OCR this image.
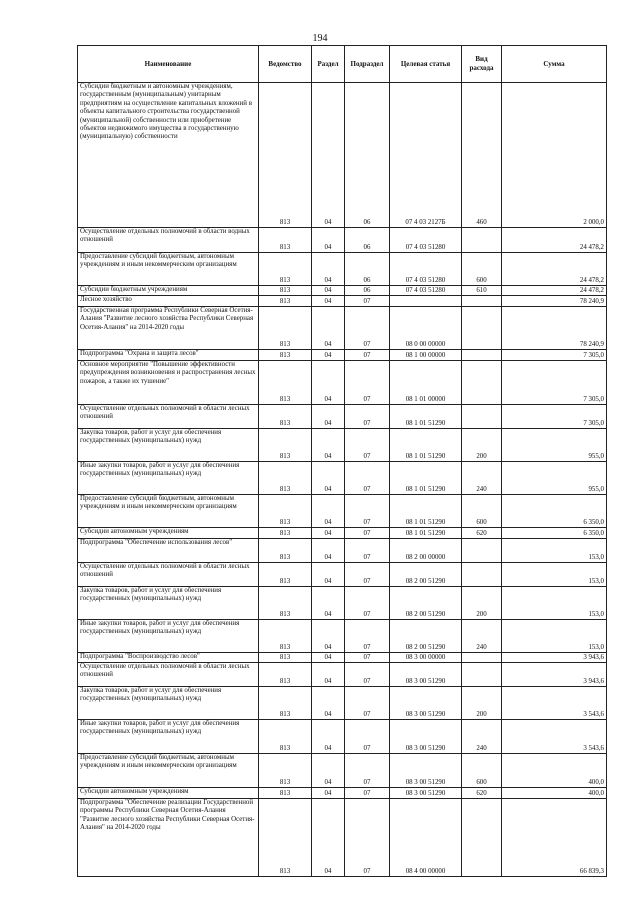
194
Наименование	Ведомство	Раздел	Подраздел	Целевая статья	Вид расхода	Сумма
Субсидии бюджетным и автономным учреждениям, государственным (муниципальным) унитарным предприятиям на осуществление капитальных вложений в объекты капитального строительства государственной (муниципальной) собственности или приобретение объектов недвижимого имущества в государственную (муниципальную) собственности	813	04	06	07 4 03 2127Б	460	2 000,0
Осуществление отдельных полномочий в области водных отношений	813	04	06	07 4 03 51280		24 478,2
Предоставление субсидий бюджетным, автономным учреждениям и иным некоммерческим организациям	813	04	06	07 4 03 51280	600	24 478,2
Субсидии бюджетным учреждениям	813	04	06	07 4 03 51280	610	24 478,2
Лесное хозяйство	813	04	07			78 240,9
Государственная программа Республики Северная Осетия-Алания "Развитие лесного хозяйства Республики Северная Осетия-Алания" на 2014-2020 годы	813	04	07	08 0 00 00000		78 240,9
Подпрограмма "Охрана и защита лесов"	813	04	07	08 1 00 00000		7 305,0
Основное мероприятие "Повышение эффективности предупреждения возникновения и распространения лесных пожаров, а также их тушение"	813	04	07	08 1 01 00000		7 305,0
Осуществление отдельных полномочий в области лесных отношений	813	04	07	08 1 01 51290		7 305,0
Закупка товаров, работ и услуг для обеспечения государственных (муниципальных) нужд	813	04	07	08 1 01 51290	200	955,0
Иные закупки товаров, работ и услуг для обеспечения государственных (муниципальных) нужд	813	04	07	08 1 01 51290	240	955,0
Предоставление субсидий бюджетным, автономным учреждениям и иным некоммерческим организациям	813	04	07	08 1 01 51290	600	6 350,0
Субсидии автономным учреждениям	813	04	07	08 1 01 51290	620	6 350,0
Подпрограмма "Обеспечение использования лесов"	813	04	07	08 2 00 00000		153,0
Осуществление отдельных полномочий в области лесных отношений	813	04	07	08 2 00 51290		153,0
Закупка товаров, работ и услуг для обеспечения государственных (муниципальных) нужд	813	04	07	08 2 00 51290	200	153,0
Иные закупки товаров, работ и услуг для обеспечения государственных (муниципальных) нужд	813	04	07	08 2 00 51290	240	153,0
Подпрограмма "Воспроизводство лесов"	813	04	07	08 3 00 00000		3 943,6
Осуществление отдельных полномочий в области лесных отношений	813	04	07	08 3 00 51290		3 943,6
Закупка товаров, работ и услуг для обеспечения государственных (муниципальных) нужд	813	04	07	08 3 00 51290	200	3 543,6
Иные закупки товаров, работ и услуг для обеспечения государственных (муниципальных) нужд	813	04	07	08 3 00 51290	240	3 543,6
Предоставление субсидий бюджетным, автономным учреждениям и иным некоммерческим организациям	813	04	07	08 3 00 51290	600	400,0
Субсидии автономным учреждениям	813	04	07	08 3 00 51290	620	400,0
Подпрограмма "Обеспечение реализации Государственной программы Республики Северная Осетия-Алания "Развитие лесного хозяйства Республики Северная Осетия-Алания" на 2014-2020 годы	813	04	07	08 4 00 00000		66 839,3
